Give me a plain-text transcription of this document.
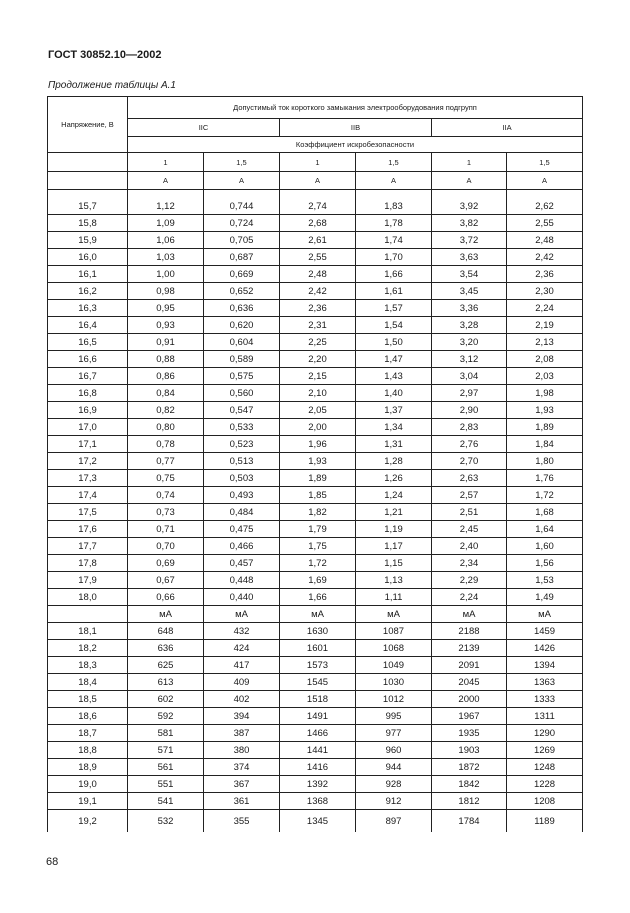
ГОСТ 30852.10—2002
Продолжение таблицы А.1
Напряжение, В	Допустимый ток короткого замыкания электрооборудования подгрупп					
	IIC		IIB		IIA	
	Коэффициент искробезопасности					
	1	1,5	1	1,5	1	1,5
	А	А	А	А	А	А

15,7	1,12	0,744	2,74	1,83	3,92	2,62
15,8	1,09	0,724	2,68	1,78	3,82	2,55
15,9	1,06	0,705	2,61	1,74	3,72	2,48
16,0	1,03	0,687	2,55	1,70	3,63	2,42
16,1	1,00	0,669	2,48	1,66	3,54	2,36
16,2	0,98	0,652	2,42	1,61	3,45	2,30
16,3	0,95	0,636	2,36	1,57	3,36	2,24
16,4	0,93	0,620	2,31	1,54	3,28	2,19
16,5	0,91	0,604	2,25	1,50	3,20	2,13
16,6	0,88	0,589	2,20	1,47	3,12	2,08
16,7	0,86	0,575	2,15	1,43	3,04	2,03
16,8	0,84	0,560	2,10	1,40	2,97	1,98
16,9	0,82	0,547	2,05	1,37	2,90	1,93
17,0	0,80	0,533	2,00	1,34	2,83	1,89
17,1	0,78	0,523	1,96	1,31	2,76	1,84
17,2	0,77	0,513	1,93	1,28	2,70	1,80
17,3	0,75	0,503	1,89	1,26	2,63	1,76
17,4	0,74	0,493	1,85	1,24	2,57	1,72
17,5	0,73	0,484	1,82	1,21	2,51	1,68
17,6	0,71	0,475	1,79	1,19	2,45	1,64
17,7	0,70	0,466	1,75	1,17	2,40	1,60
17,8	0,69	0,457	1,72	1,15	2,34	1,56
17,9	0,67	0,448	1,69	1,13	2,29	1,53
18,0	0,66	0,440	1,66	1,11	2,24	1,49
	мА	мА	мА	мА	мА	мА
18,1	648	432	1630	1087	2188	1459
18,2	636	424	1601	1068	2139	1426
18,3	625	417	1573	1049	2091	1394
18,4	613	409	1545	1030	2045	1363
18,5	602	402	1518	1012	2000	1333
18,6	592	394	1491	995	1967	1311
18,7	581	387	1466	977	1935	1290
18,8	571	380	1441	960	1903	1269
18,9	561	374	1416	944	1872	1248
19,0	551	367	1392	928	1842	1228
19,1	541	361	1368	912	1812	1208
19,2	532	355	1345	897	1784	1189
68
